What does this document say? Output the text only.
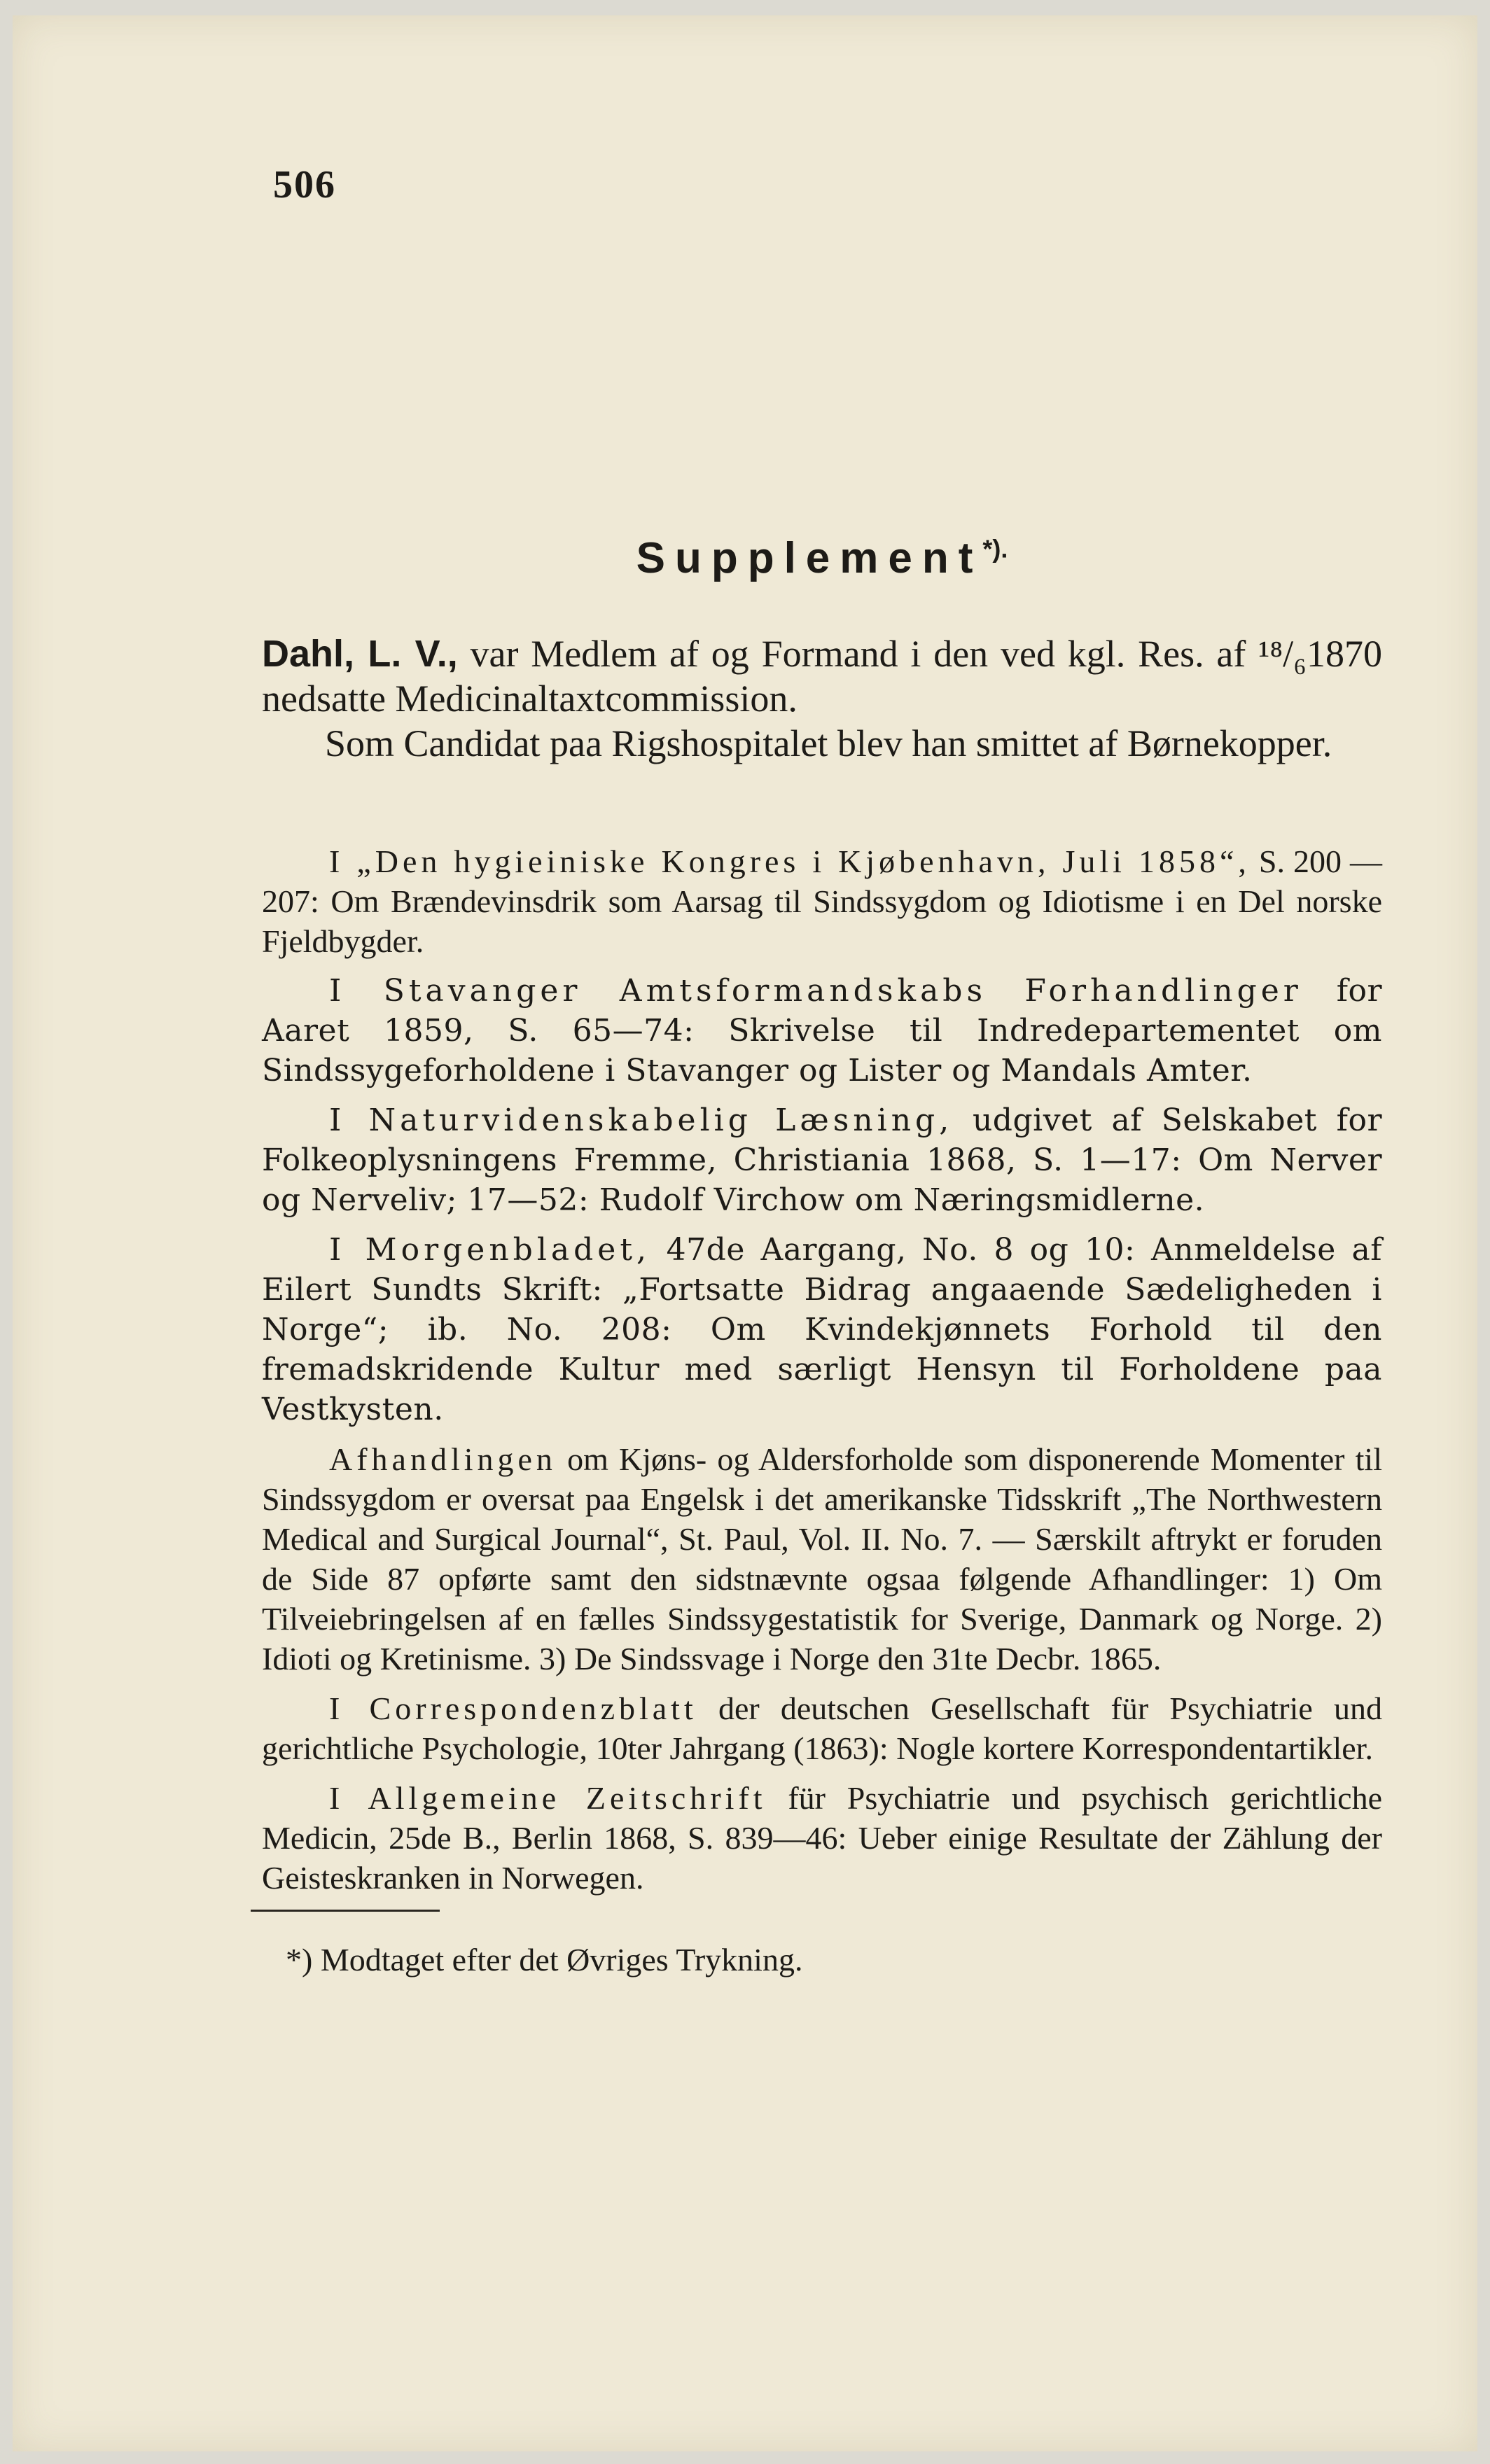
506
Supplement*).

Dahl, L. V., var Medlem af og Formand i den ved kgl. Res. af ¹⁸/₆1870 nedsatte Medicinaltaxtcommission.

Som Candidat paa Rigshospitalet blev han smittet af Børnekopper.

I „Den hygieiniske Kongres i Kjøbenhavn, Juli 1858“, S. 200 —207: Om Brændevinsdrik som Aarsag til Sindssygdom og Idiotisme i en Del norske Fjeldbygder.

I Stavanger Amtsformandskabs Forhandlinger for Aaret 1859, S. 65—74: Skrivelse til Indredepartementet om Sindssygeforholdene i Stavanger og Lister og Mandals Amter.

I Naturvidenskabelig Læsning, udgivet af Selskabet for Folkeoplysningens Fremme, Christiania 1868, S. 1—17: Om Nerver og Nerveliv; 17—52: Rudolf Virchow om Næringsmidlerne.

I Morgenbladet, 47de Aargang, No. 8 og 10: Anmeldelse af Eilert Sundts Skrift: „Fortsatte Bidrag angaaende Sædeligheden i Norge“; ib. No. 208: Om Kvindekjønnets Forhold til den fremadskridende Kultur med særligt Hensyn til Forholdene paa Vestkysten.

Afhandlingen om Kjøns- og Aldersforholde som disponerende Momenter til Sindssygdom er oversat paa Engelsk i det amerikanske Tidsskrift „The Northwestern Medical and Surgical Journal“, St. Paul, Vol. II. No. 7. — Særskilt aftrykt er foruden de Side 87 opførte samt den sidstnævnte ogsaa følgende Afhandlinger: 1) Om Tilveiebringelsen af en fælles Sindssygestatistik for Sverige, Danmark og Norge. 2) Idioti og Kretinisme. 3) De Sindssvage i Norge den 31te Decbr. 1865.

I Correspondenzblatt der deutschen Gesellschaft für Psychiatrie und gerichtliche Psychologie, 10ter Jahrgang (1863): Nogle kortere Korrespondentartikler.

I Allgemeine Zeitschrift für Psychiatrie und psychisch gerichtliche Medicin, 25de B., Berlin 1868, S. 839—46: Ueber einige Resultate der Zählung der Geisteskranken in Norwegen.

*) Modtaget efter det Øvriges Trykning.
